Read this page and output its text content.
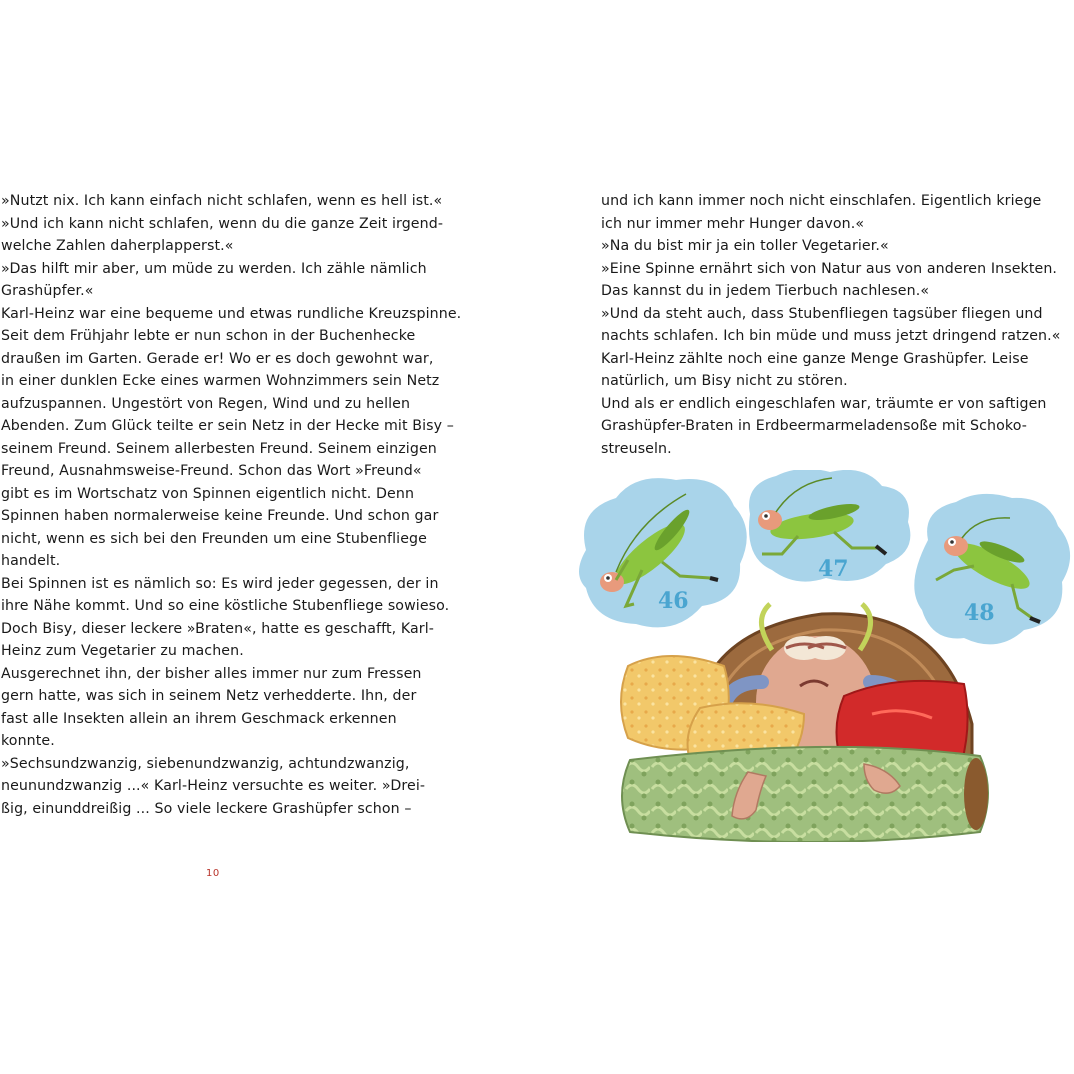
»Nutzt nix. Ich kann einfach nicht schlafen, wenn es hell ist.«
»Und ich kann nicht schlafen, wenn du die ganze Zeit irgend-
welche Zahlen daherplapperst.«
»Das hilft mir aber, um müde zu werden. Ich zähle nämlich
Grashüpfer.«
Karl-Heinz war eine bequeme und etwas rundliche Kreuzspinne.
Seit dem Frühjahr lebte er nun schon in der Buchenhecke
draußen im Garten. Gerade er! Wo er es doch gewohnt war,
in einer dunklen Ecke eines warmen Wohnzimmers sein Netz
aufzuspannen. Ungestört von Regen, Wind und zu hellen
Abenden. Zum Glück teilte er sein Netz in der Hecke mit Bisy –
seinem Freund. Seinem allerbesten Freund. Seinem einzigen
Freund, Ausnahmsweise-Freund. Schon das Wort »Freund«
gibt es im Wortschatz von Spinnen eigentlich nicht. Denn
Spinnen haben normalerweise keine Freunde. Und schon gar
nicht, wenn es sich bei den Freunden um eine Stubenfliege
handelt.
Bei Spinnen ist es nämlich so: Es wird jeder gegessen, der in
ihre Nähe kommt. Und so eine köstliche Stubenfliege sowieso.
Doch Bisy, dieser leckere »Braten«, hatte es geschafft, Karl-
Heinz zum Vegetarier zu machen.
Ausgerechnet ihn, der bisher alles immer nur zum Fressen
gern hatte, was sich in seinem Netz verhedderte. Ihn, der
fast alle Insekten allein an ihrem Geschmack erkennen
konnte.
»Sechsundzwanzig, siebenundzwanzig, achtundzwanzig,
neunundzwanzig ...« Karl-Heinz versuchte es weiter. »Drei-
ßig, einunddreißig ... So viele leckere Grashüpfer schon –
und ich kann immer noch nicht einschlafen. Eigentlich kriege
ich nur immer mehr Hunger davon.«
»Na du bist mir ja ein toller Vegetarier.«
»Eine Spinne ernährt sich von Natur aus von anderen Insekten.
Das kannst du in jedem Tierbuch nachlesen.«
»Und da steht auch, dass Stubenfliegen tagsüber fliegen und
nachts schlafen. Ich bin müde und muss jetzt dringend ratzen.«
Karl-Heinz zählte noch eine ganze Menge Grashüpfer. Leise
natürlich, um Bisy nicht zu stören.
Und als er endlich eingeschlafen war, träumte er von saftigen
Grashüpfer-Braten in Erdbeermarmeladensoße mit Schoko-
streuseln.
10
46
47
48
